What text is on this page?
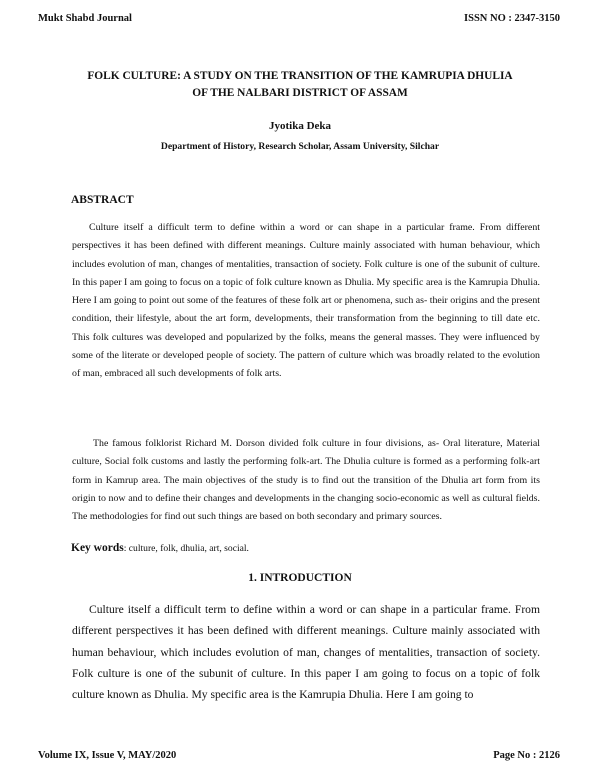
Mukt Shabd Journal	ISSN NO : 2347-3150
FOLK CULTURE: A STUDY ON THE TRANSITION OF THE KAMRUPIA DHULIA
OF THE NALBARI DISTRICT OF ASSAM
Jyotika Deka
Department of History, Research Scholar, Assam University, Silchar
ABSTRACT

Culture itself a difficult term to define within a word or can shape in a particular frame. From different perspectives it has been defined with different meanings. Culture mainly associated with human behaviour, which includes evolution of man, changes of mentalities, transaction of society. Folk culture is one of the subunit of culture. In this paper I am going to focus on a topic of folk culture known as Dhulia. My specific area is the Kamrupia Dhulia. Here I am going to point out some of the features of these folk art or phenomena, such as- their origins and the present condition, their lifestyle, about the art form, developments, their transformation from the beginning to till date etc. This folk cultures was developed and popularized by the folks, means the general masses. They were influenced by some of the literate or developed people of society. The pattern of culture which was broadly related to the evolution of man, embraced all such developments of folk arts.

The famous folklorist Richard M. Dorson divided folk culture in four divisions, as- Oral literature, Material culture, Social folk customs and lastly the performing folk-art. The Dhulia culture is formed as a performing folk-art form in Kamrup area. The main objectives of the study is to find out the transition of the Dhulia art form from its origin to now and to define their changes and developments in the changing socio-economic as well as cultural fields. The methodologies for find out such things are based on both secondary and primary sources.

Key words: culture, folk, dhulia, art, social.
1. INTRODUCTION

Culture itself a difficult term to define within a word or can shape in a particular frame. From different perspectives it has been defined with different meanings. Culture mainly associated with human behaviour, which includes evolution of man, changes of mentalities, transaction of society. Folk culture is one of the subunit of culture. In this paper I am going to focus on a topic of folk culture known as Dhulia. My specific area is the Kamrupia Dhulia. Here I am going to

Volume IX, Issue V, MAY/2020	Page No : 2126
